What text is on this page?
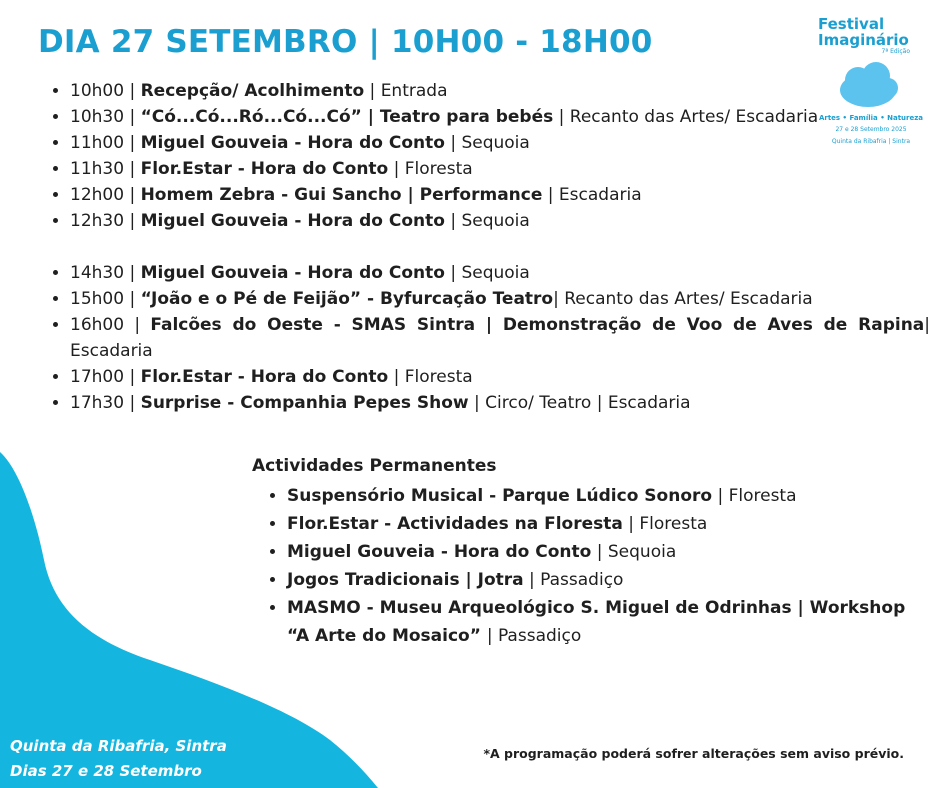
DIA 27 SETEMBRO | 10H00 - 18H00	Festival
Imaginário
7ª Edição
Artes • Família • Natureza
27 e 28 Setembro 2025
Quinta da Ribafria | Sintra
• 10h00 | Recepção/ Acolhimento | Entrada
• 10h30 | “Có...Có...Ró...Có...Có” | Teatro para bebés | Recanto das Artes/ Escadaria
• 11h00 | Miguel Gouveia - Hora do Conto | Sequoia
• 11h30 | Flor.Estar - Hora do Conto | Floresta
• 12h00 | Homem Zebra - Gui Sancho | Performance | Escadaria
• 12h30 | Miguel Gouveia - Hora do Conto | Sequoia
• 14h30 | Miguel Gouveia - Hora do Conto | Sequoia
• 15h00 | “João e o Pé de Feijão” - Byfurcação Teatro| Recanto das Artes/ Escadaria
• 16h00 | Falcões do Oeste - SMAS Sintra | Demonstração de Voo de Aves de Rapina| Escadaria
• 17h00 | Flor.Estar - Hora do Conto | Floresta
• 17h30 | Surprise - Companhia Pepes Show | Circo/ Teatro | Escadaria
Actividades Permanentes
• Suspensório Musical - Parque Lúdico Sonoro | Floresta
• Flor.Estar - Actividades na Floresta | Floresta
• Miguel Gouveia - Hora do Conto | Sequoia
• Jogos Tradicionais | Jotra | Passadiço
• MASMO - Museu Arqueológico S. Miguel de Odrinhas | Workshop “A Arte do Mosaico” | Passadiço
Quinta da Ribafria, Sintra
Dias 27 e 28 Setembro
*A programação poderá sofrer alterações sem aviso prévio.
